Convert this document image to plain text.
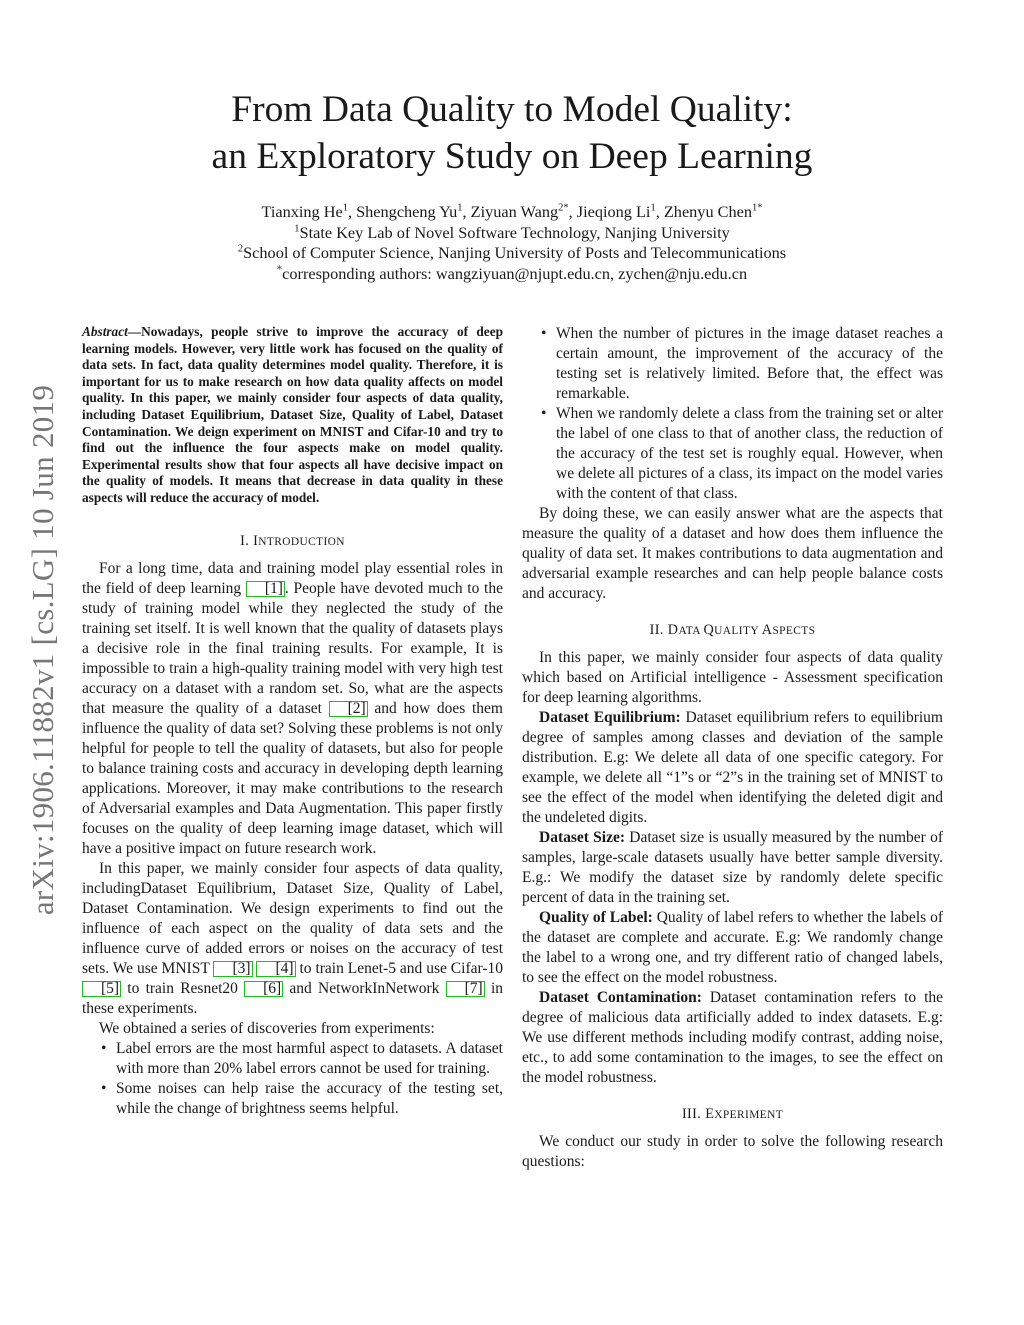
arXiv:1906.11882v1 [cs.LG] 10 Jun 2019
From Data Quality to Model Quality:
an Exploratory Study on Deep Learning
Tianxing He$^1$, Shengcheng Yu$^1$, Ziyuan Wang$^{2*}$, Jieqiong Li$^1$, Zhenyu Chen$^{1*}$
$^1$State Key Lab of Novel Software Technology, Nanjing University
$^2$School of Computer Science, Nanjing University of Posts and Telecommunications
*corresponding authors: wangziyuan@njupt.edu.cn, zychen@nju.edu.cn

Abstract—Nowadays, people strive to improve the accuracy of deep learning models. However, very little work has focused on the quality of data sets. In fact, data quality determines model quality. Therefore, it is important for us to make research on how data quality affects on model quality. In this paper, we mainly consider four aspects of data quality, including Dataset Equilibrium, Dataset Size, Quality of Label, Dataset Contamination. We deign experiment on MNIST and Cifar-10 and try to find out the influence the four aspects make on model quality. Experimental results show that four aspects all have decisive impact on the quality of models. It means that decrease in data quality in these aspects will reduce the accuracy of model.

I. INTRODUCTION

For a long time, data and training model play essential roles in the field of deep learning [1] . People have devoted much to the study of training model while they neglected the study of the training set itself. It is well known that the quality of datasets plays a decisive role in the final training results. For example, It is impossible to train a high-quality training model with very high test accuracy on a dataset with a random set. So, what are the aspects that measure the quality of a dataset [2] and how does them influence the quality of data set? Solving these problems is not only helpful for people to tell the quality of datasets, but also for people to balance training costs and accuracy in developing depth learning applications. Moreover, it may make contributions to the research of Adversarial examples and Data Augmentation. This paper firstly focuses on the quality of deep learning image dataset, which will have a positive impact on future research work.

In this paper, we mainly consider four aspects of data quality, includingDataset Equilibrium, Dataset Size, Quality of Label, Dataset Contamination. We design experiments to find out the influence of each aspect on the quality of data sets and the influence curve of added errors or noises on the accuracy of test sets. We use MNIST [3] [4] to train Lenet-5 and use Cifar-10 [5] to train Resnet20 [6] and NetworkInNetwork [7] in these experiments.

We obtained a series of discoveries from experiments:

• Label errors are the most harmful aspect to datasets. A dataset with more than 20% label errors cannot be used for training.
• Some noises can help raise the accuracy of the testing set, while the change of brightness seems helpful.
• When the number of pictures in the image dataset reaches a certain amount, the improvement of the accuracy of the testing set is relatively limited. Before that, the effect was remarkable.
• When we randomly delete a class from the training set or alter the label of one class to that of another class, the reduction of the accuracy of the test set is roughly equal. However, when we delete all pictures of a class, its impact on the model varies with the content of that class.

By doing these, we can easily answer what are the aspects that measure the quality of a dataset and how does them influence the quality of data set. It makes contributions to data augmentation and adversarial example researches and can help people balance costs and accuracy.

II. DATA QUALITY ASPECTS

In this paper, we mainly consider four aspects of data quality which based on Artificial intelligence - Assessment specification for deep learning algorithms.

Dataset Equilibrium: Dataset equilibrium refers to equilibrium degree of samples among classes and deviation of the sample distribution. E.g: We delete all data of one specific category. For example, we delete all “1”s or “2”s in the training set of MNIST to see the effect of the model when identifying the deleted digit and the undeleted digits.

Dataset Size: Dataset size is usually measured by the number of samples, large-scale datasets usually have better sample diversity. E.g.: We modify the dataset size by randomly delete specific percent of data in the training set.

Quality of Label: Quality of label refers to whether the labels of the dataset are complete and accurate. E.g: We randomly change the label to a wrong one, and try different ratio of changed labels, to see the effect on the model robustness.

Dataset Contamination: Dataset contamination refers to the degree of malicious data artificially added to index datasets. E.g: We use different methods including modify contrast, adding noise, etc., to add some contamination to the images, to see the effect on the model robustness.

III. EXPERIMENT

We conduct our study in order to solve the following research questions:
